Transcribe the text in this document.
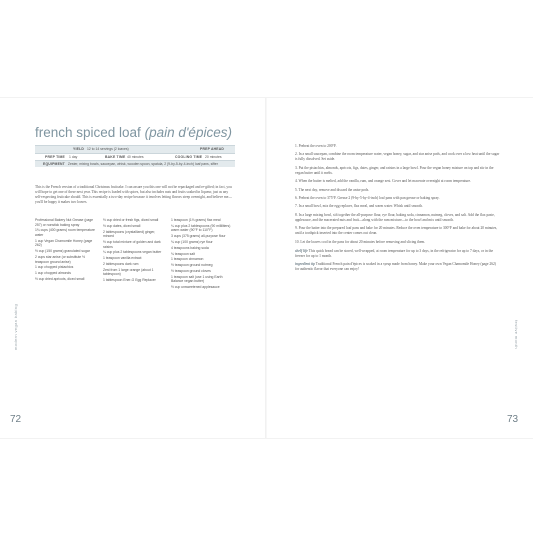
french spiced loaf (pain d'épices)
YIELD 12 to 14 servings (2 loaves)	PREP AHEAD
PREP TIME 1 day	BAKE TIME 40 minutes	COOLING TIME 20 minutes
EQUIPMENT Zester, mixing bowls, saucepan, whisk, wooden spoon, spatula, 2 (9-by-5-by-4-inch) loaf pans, sifter
This is the French version of a traditional Christmas fruitcake. I can assure you this one will not be repackaged and re-gifted; in fact, you will hope to get one of these next year. This recipe is loaded with spices, but also includes nuts and fruits soaked in liqueur, just as any self-respecting fruitcake should. This is essentially a two-day recipe because it involves letting flavors steep overnight, and believe me—you'll be happy it makes two loaves.
Professional Bakery Nut Grease (page 257) or nonstick baking spray
1¾ cups (400 grams) room temperature water
1 cup Vegan Chamomile Honey (page 262)
½ cup (150 grams) granulated sugar
2 cups star anise (or substitute ½ teaspoon ground anise)
1 cup chopped pistachios
1 cup chopped almonds
½ cup dried apricots, diced small
½ cup dried or fresh figs, diced small
½ cup dates, diced small
2 tablespoons (crystallized) ginger, minced
½ cup total mixture of golden and dark raisins
¼ cup plus 2 tablespoons vegan butter
1 teaspoon vanilla extract
2 tablespoons dark rum
Zest from 1 large orange (about 1 tablespoon)
1 tablespoon Ener-G Egg Replacer
1 teaspoon (1⅛ grams) flax meal
¼ cup plus 2 tablespoons (90 milliliters) warm water (90°F to 110°F)
3 cups (375 grams) all-purpose flour
¾ cup (100 grams) rye flour
4 teaspoons baking soda
¾ teaspoon salt
1 teaspoon cinnamon
½ teaspoon ground nutmeg
½ teaspoon ground cloves
1 teaspoon salt (use 1 using Earth Balance vegan butter)
½ cup unsweetened applesauce
modern vegan baking
72

1. Preheat the oven to 200°F.

2. In a small saucepan, combine the room temperature water, vegan honey, sugar, and star anise pods, and cook over a low heat until the sugar is fully dissolved. Set aside.

3. Put the pistachios, almonds, apricots, figs, dates, ginger, and raisins in a large bowl. Pour the vegan honey mixture on top and stir in the vegan butter until it melts.

4. When the butter is melted, add the vanilla, rum, and orange zest. Cover and let macerate overnight at room temperature.

5. The next day, remove and discard the anise pods.

6. Preheat the oven to 375°F. Grease 2 (9-by-5-by-4-inch) loaf pans with pan grease or baking spray.

7. In a small bowl, mix the egg replacer, flax meal, and warm water. Whisk until smooth.

8. In a large mixing bowl, sift together the all-purpose flour, rye flour, baking soda, cinnamon, nutmeg, cloves, and salt. Add the flax paste, applesauce, and the macerated nuts and fruit—along with the rum mixture—to the bowl and mix until smooth.

9. Pour the batter into the prepared loaf pans and bake for 20 minutes. Reduce the oven temperature to 300°F and bake for about 20 minutes, until a toothpick inserted into the center comes out clean.

10. Let the loaves cool in the pans for about 20 minutes before removing and slicing them.

shelf life This quick bread can be stored, well-wrapped, at room temperature for up to 3 days, in the refrigerator for up to 7 days, or in the freezer for up to 1 month.

ingredient tip Traditional French pain d'épices is soaked in a syrup made from honey. Make your own Vegan Chamomile Honey (page 262) for authentic flavor that everyone can enjoy!

festive month
73
